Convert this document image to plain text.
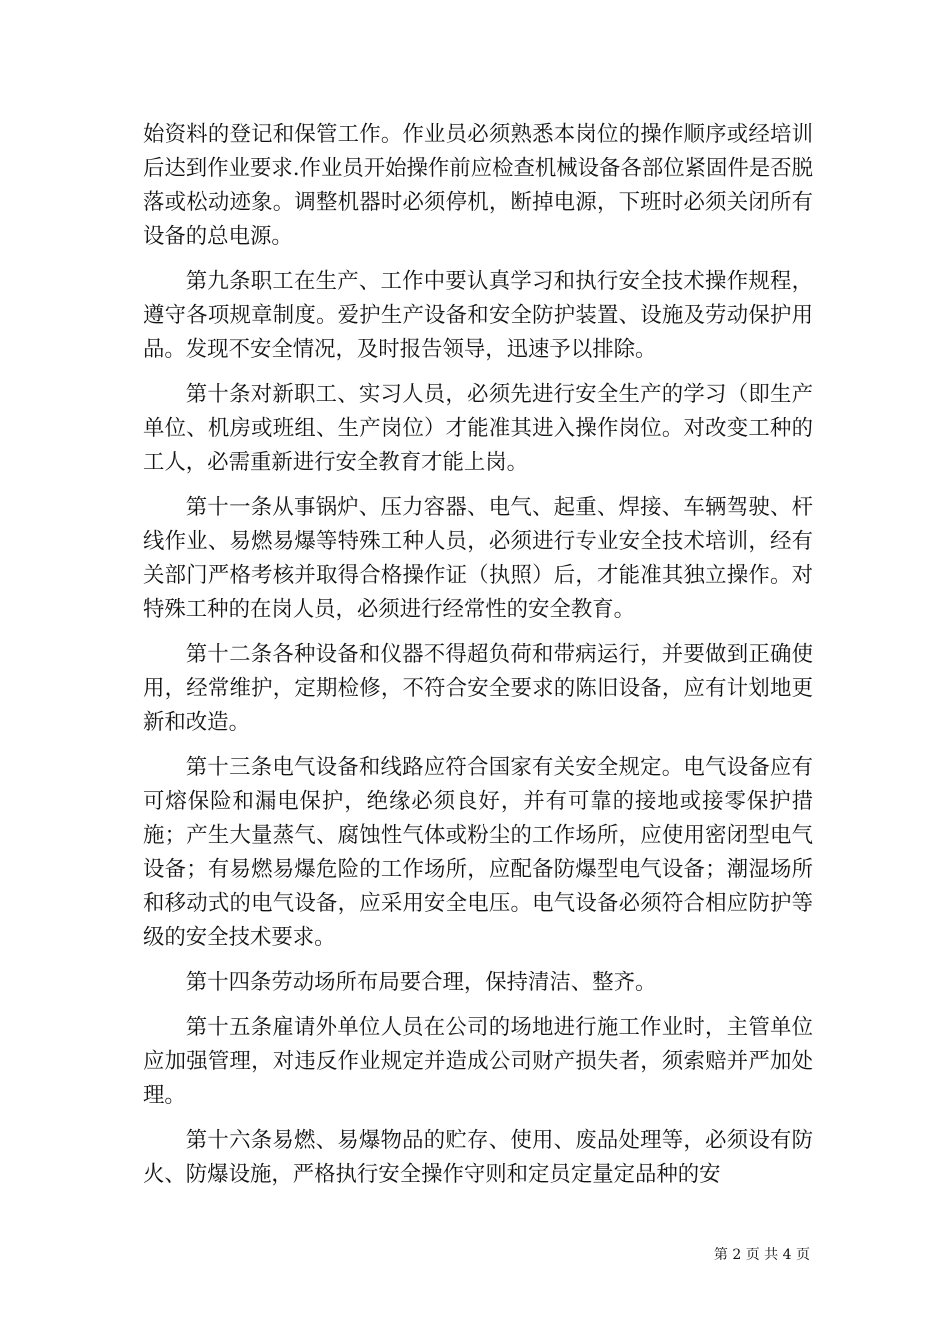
始资料的登记和保管工作。作业员必须熟悉本岗位的操作顺序或经培训后达到作业要求.作业员开始操作前应检查机械设备各部位紧固件是否脱落或松动迹象。调整机器时必须停机，断掉电源，下班时必须关闭所有设备的总电源。

第九条职工在生产、工作中要认真学习和执行安全技术操作规程，遵守各项规章制度。爱护生产设备和安全防护装置、设施及劳动保护用品。发现不安全情况，及时报告领导，迅速予以排除。

第十条对新职工、实习人员，必须先进行安全生产的学习（即生产单位、机房或班组、生产岗位）才能准其进入操作岗位。对改变工种的工人，必需重新进行安全教育才能上岗。

第十一条从事锅炉、压力容器、电气、起重、焊接、车辆驾驶、杆线作业、易燃易爆等特殊工种人员，必须进行专业安全技术培训，经有关部门严格考核并取得合格操作证（执照）后，才能准其独立操作。对特殊工种的在岗人员，必须进行经常性的安全教育。

第十二条各种设备和仪器不得超负荷和带病运行，并要做到正确使用，经常维护，定期检修，不符合安全要求的陈旧设备，应有计划地更新和改造。

第十三条电气设备和线路应符合国家有关安全规定。电气设备应有可熔保险和漏电保护，绝缘必须良好，并有可靠的接地或接零保护措施；产生大量蒸气、腐蚀性气体或粉尘的工作场所，应使用密闭型电气设备；有易燃易爆危险的工作场所，应配备防爆型电气设备；潮湿场所和移动式的电气设备，应采用安全电压。电气设备必须符合相应防护等级的安全技术要求。

第十四条劳动场所布局要合理，保持清洁、整齐。

第十五条雇请外单位人员在公司的场地进行施工作业时，主管单位应加强管理，对违反作业规定并造成公司财产损失者，须索赔并严加处理。

第十六条易燃、易爆物品的贮存、使用、废品处理等，必须设有防火、防爆设施，严格执行安全操作守则和定员定量定品种的安

第 2 页 共 4 页
